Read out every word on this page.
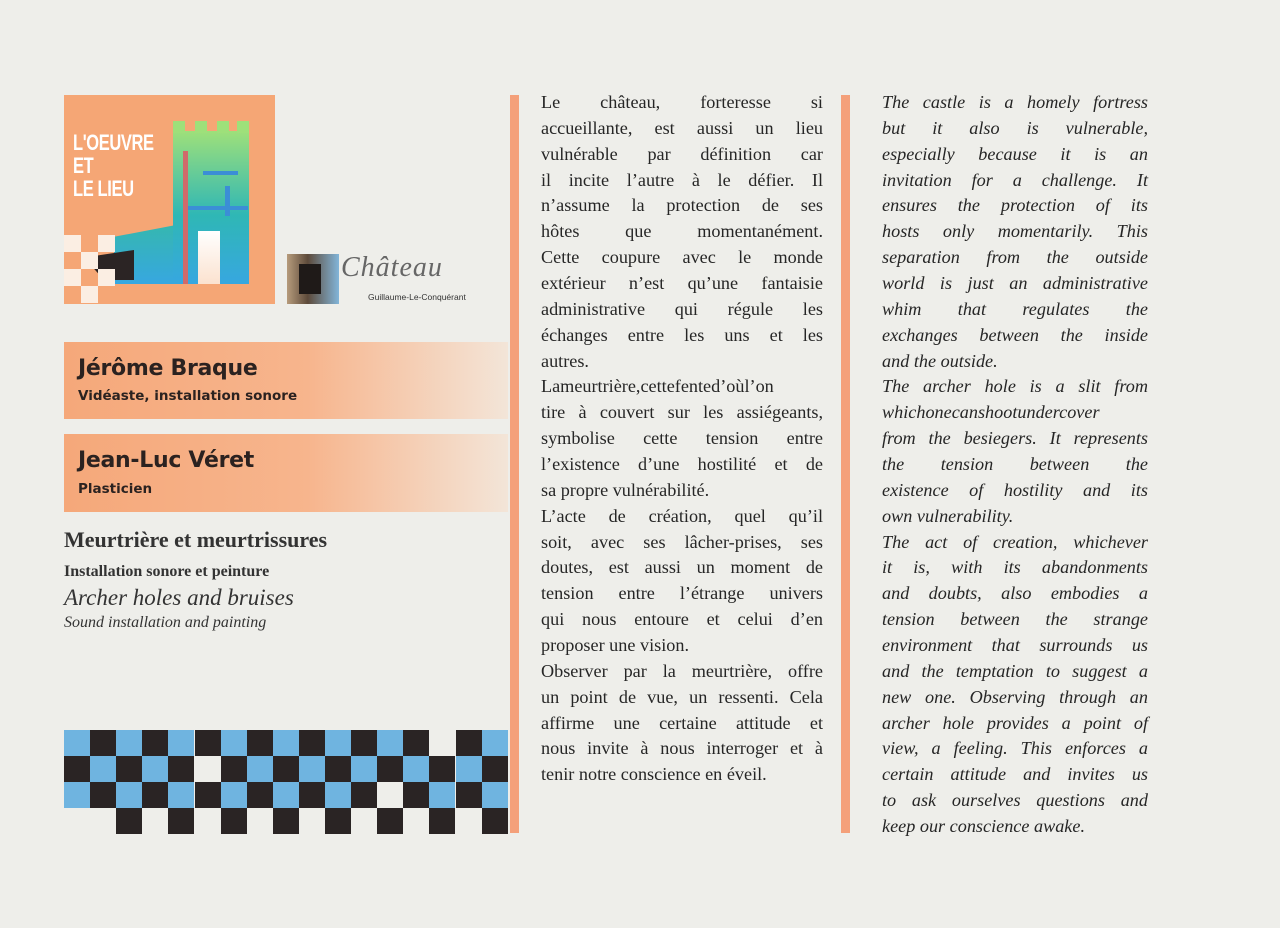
L'OEUVRE
ET
LE LIEU
Château
Guillaume-Le-Conquérant
Jérôme Braque
Vidéaste, installation sonore
Jean-Luc Véret
Plasticien
Meurtrière et meurtrissures
Installation sonore et peinture
Archer holes and bruises
Sound installation and painting
Le château, forteresse si
accueillante, est aussi un lieu
vulnérable par définition car
il incite l’autre à le défier. Il
n’assume la protection de ses
hôtes que momentanément.
Cette coupure avec le monde
extérieur n’est qu’une fantaisie
administrative qui régule les
échanges entre les uns et les
autres.
Lameurtrière,cettefented’oùl’on
tire à couvert sur les assiégeants,
symbolise cette tension entre
l’existence d’une hostilité et de
sa propre vulnérabilité.
L’acte de création, quel qu’il
soit, avec ses lâcher-prises, ses
doutes, est aussi un moment de
tension entre l’étrange univers
qui nous entoure et celui d’en
proposer une vision.
Observer par la meurtrière, offre
un point de vue, un ressenti. Cela
affirme une certaine attitude et
nous invite à nous interroger et à
tenir notre conscience en éveil.
The castle is a homely fortress
but it also is vulnerable,
especially because it is an
invitation for a challenge. It
ensures the protection of its
hosts only momentarily. This
separation from the outside
world is just an administrative
whim that regulates the
exchanges between the inside
and the outside.
The archer hole is a slit from
whichonecanshootundercover
from the besiegers. It represents
the tension between the
existence of hostility and its
own vulnerability.
The act of creation, whichever
it is, with its abandonments
and doubts, also embodies a
tension between the strange
environment that surrounds us
and the temptation to suggest a
new one. Observing through an
archer hole provides a point of
view, a feeling. This enforces a
certain attitude and invites us
to ask ourselves questions and
keep our conscience awake.
